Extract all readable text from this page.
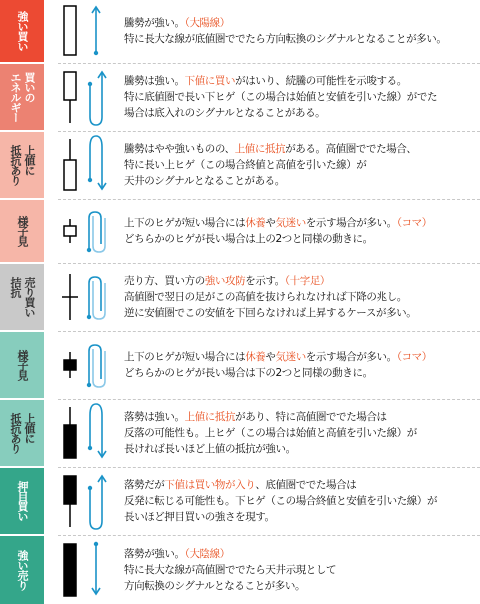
強い買い	騰勢が強い。（大陽線）
特に長大な線が底値圏ででたら方向転換のシグナルとなることが多い。
買いの
エネルギー	騰勢は強い。下値に買いがはいり、続騰の可能性を示唆する。
特に底値圏で長い下ヒゲ（この場合は始値と安値を引いた線）がでた
場合は底入れのシグナルとなることがある。
上値に
抵抗あり	騰勢はやや強いものの、上値に抵抗がある。高値圏ででた場合、
特に長い上ヒゲ（この場合終値と高値を引いた線）が
天井のシグナルとなることがある。
様子見	上下のヒゲが短い場合には休養や気迷いを示す場合が多い。（コマ）
どちらかのヒゲが長い場合は上の2つと同様の動きに。
売り買い
拮抗	売り方、買い方の強い攻防を示す。（十字足）
高値圏で翌日の足がこの高値を抜けられなければ下降の兆し。
逆に安値圏でこの安値を下回らなければ上昇するケースが多い。
様子見	上下のヒゲが短い場合には休養や気迷いを示す場合が多い。（コマ）
どちらかのヒゲが長い場合は下の2つと同様の動きに。
上値に
抵抗あり	落勢は強い。上値に抵抗があり、特に高値圏ででた場合は
反落の可能性も。上ヒゲ（この場合は始値と高値を引いた線）が
長ければ長いほど上値の抵抗が強い。
押目買い	落勢だが下値は買い物が入り、底値圏ででた場合は
反発に転じる可能性も。下ヒゲ（この場合終値と安値を引いた線）が
長いほど押目買いの強さを現す。
強い売り	落勢が強い。（大陰線）
特に長大な線が高値圏ででたら天井示現として
方向転換のシグナルとなることが多い。
